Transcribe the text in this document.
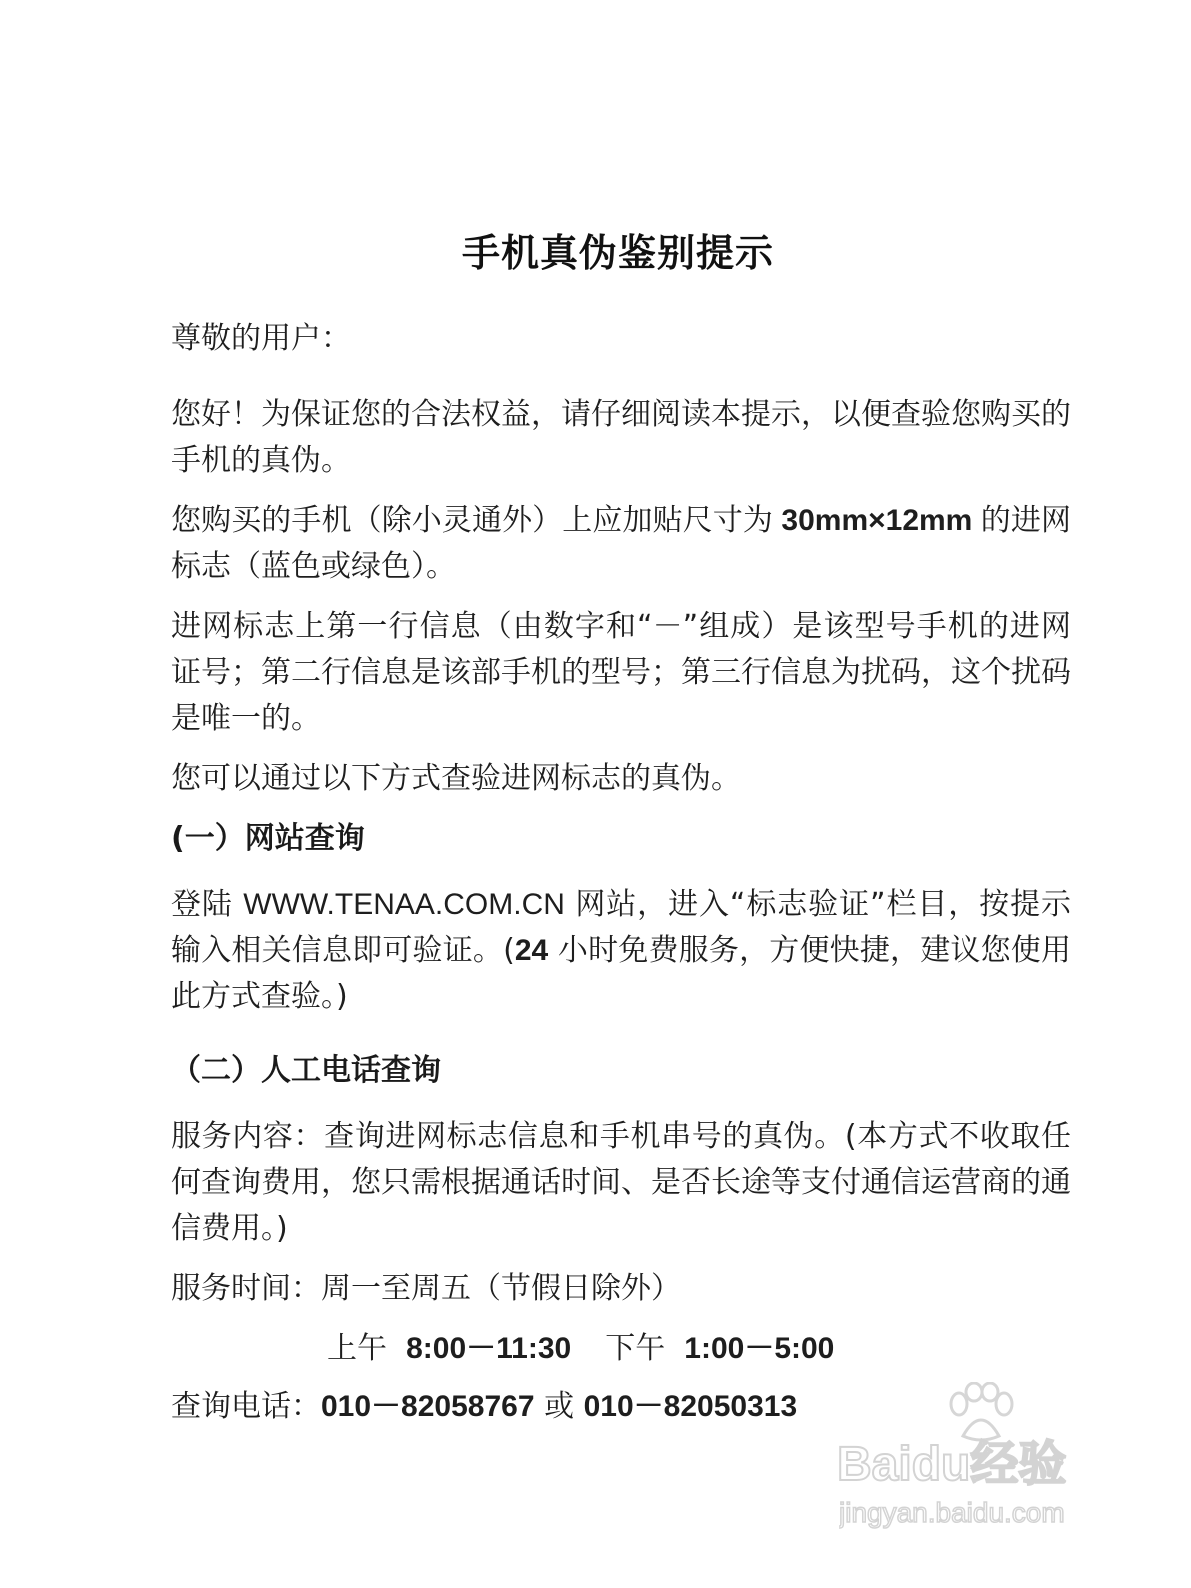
手机真伪鉴别提示

尊敬的用户：

您好！为保证您的合法权益，请仔细阅读本提示，以便查验您购买的手机的真伪。

您购买的手机（除小灵通外）上应加贴尺寸为 30mm×12mm 的进网标志（蓝色或绿色）。

进网标志上第一行信息（由数字和“－”组成）是该型号手机的进网证号；第二行信息是该部手机的型号；第三行信息为扰码，这个扰码是唯一的。

您可以通过以下方式查验进网标志的真伪。

(一）网站查询

登陆 WWW.TENAA.COM.CN 网站，进入“标志验证”栏目，按提示输入相关信息即可验证。(24 小时免费服务，方便快捷，建议您使用此方式查验。)

（二）人工电话查询

服务内容：查询进网标志信息和手机串号的真伪。(本方式不收取任何查询费用，您只需根据通话时间、是否长途等支付通信运营商的通信费用。)

服务时间：周一至周五（节假日除外）

上午 8:00－11:30 下午 1:00－5:00
查询电话：010－82058767 或 010－82050313
Baidu经验
jingyan.baidu.com
